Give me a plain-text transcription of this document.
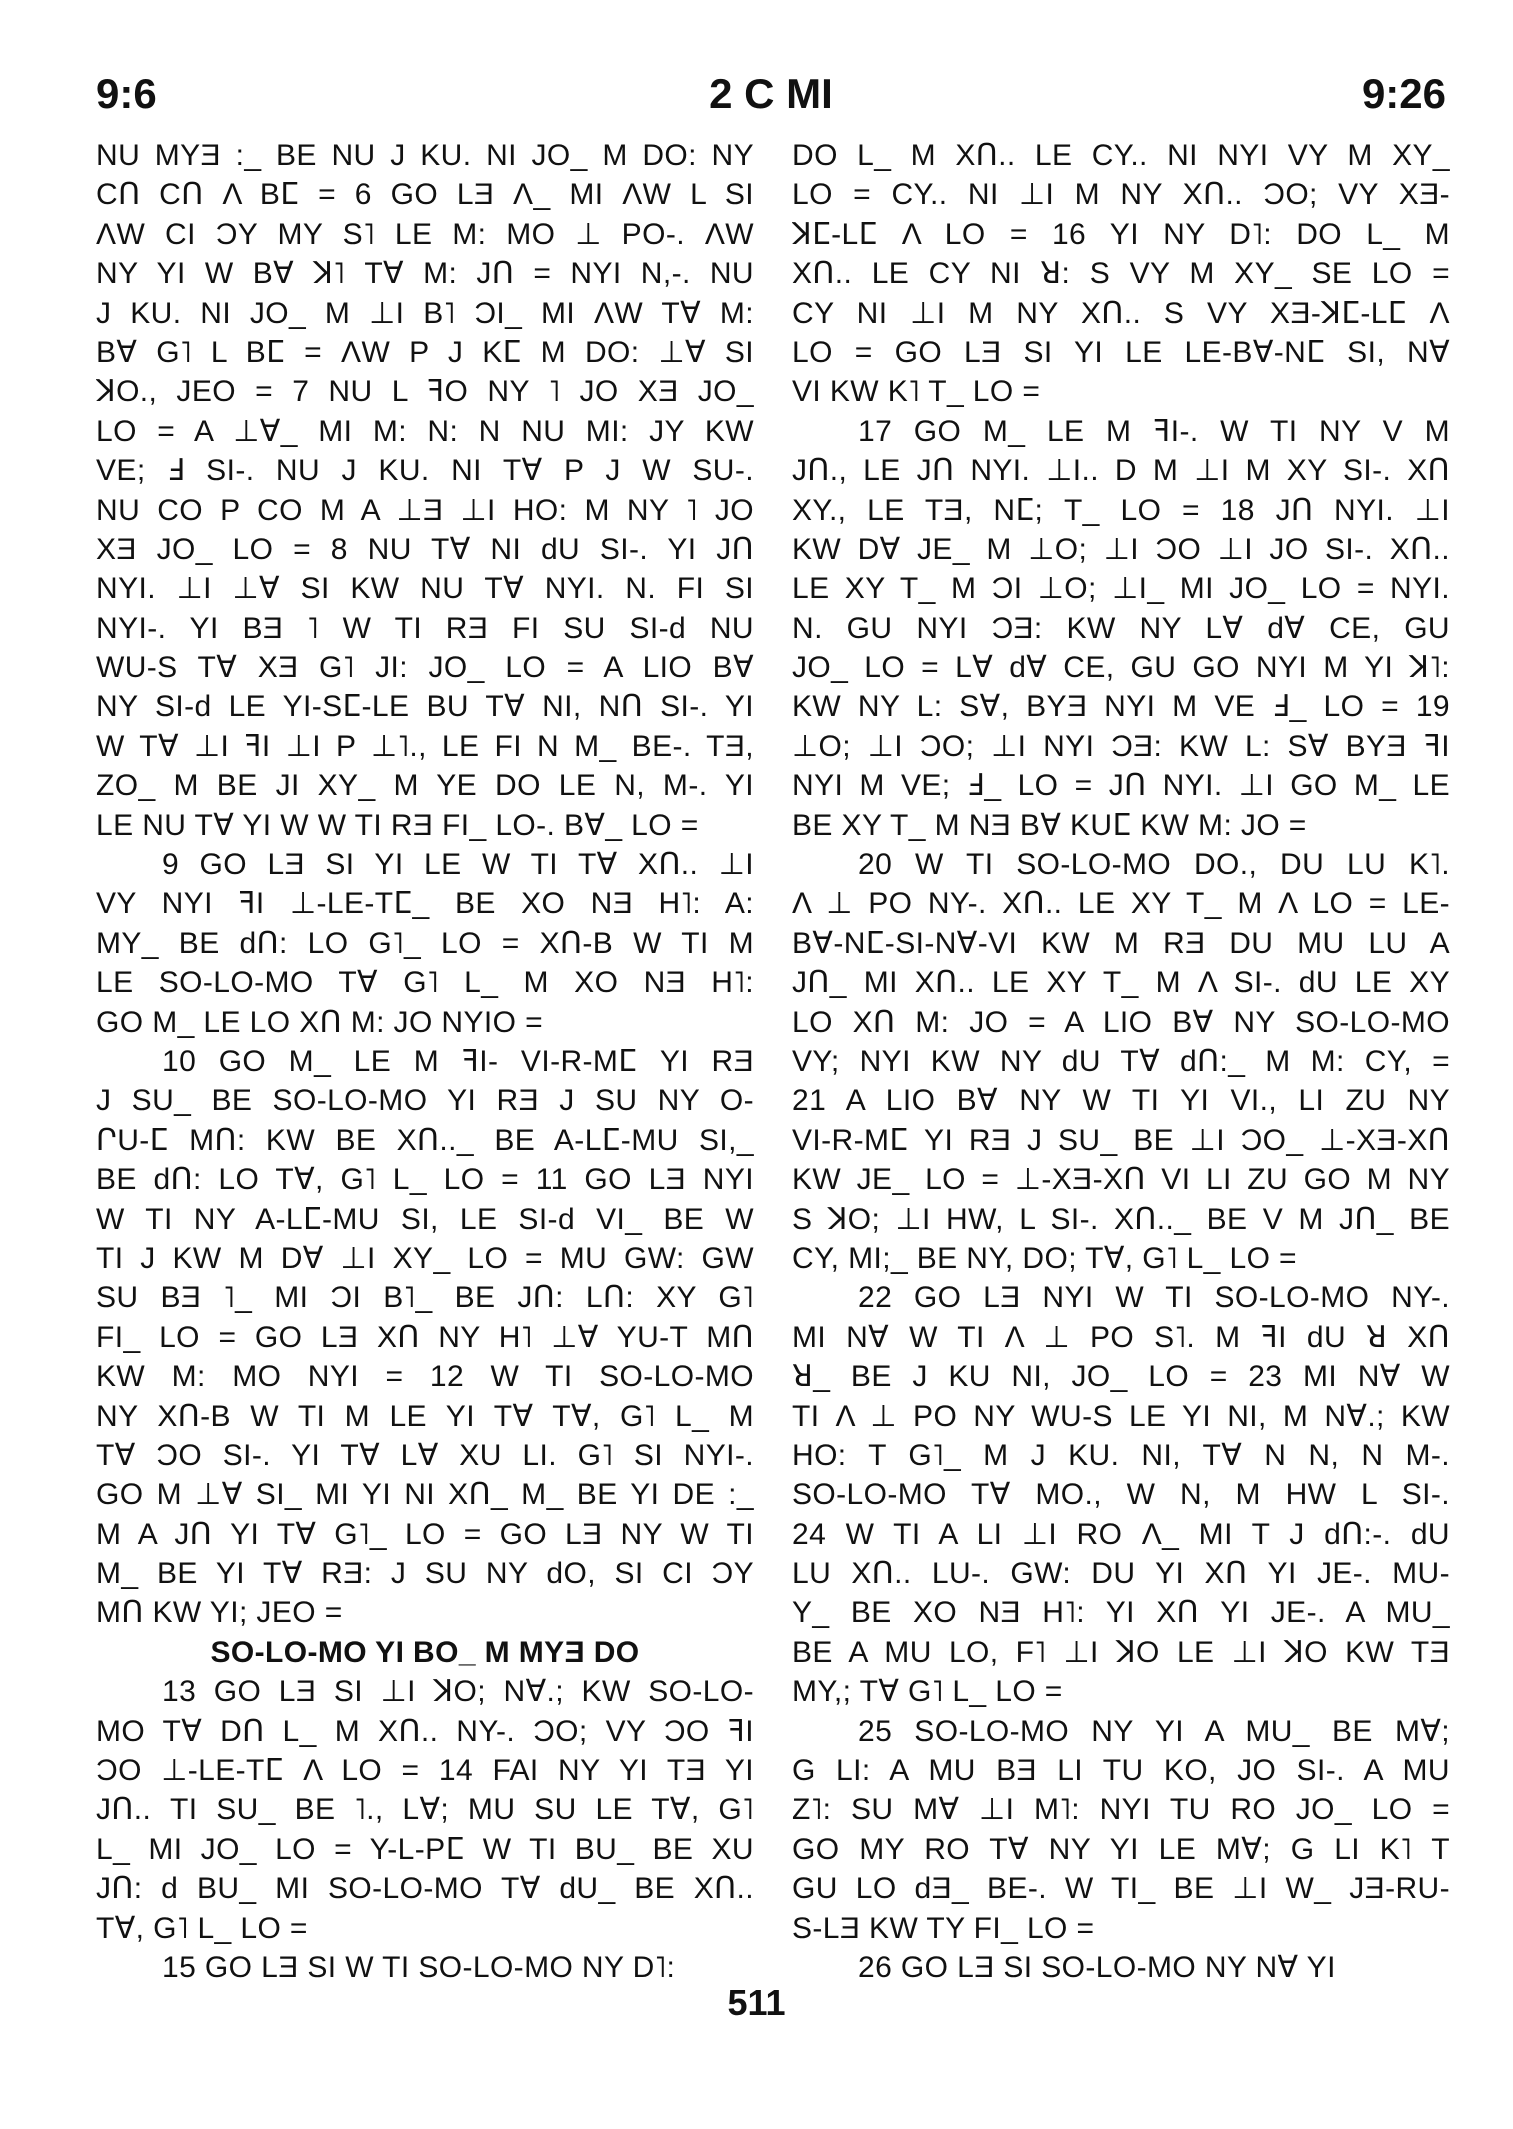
9:6	2 C MI	9:26
NU MYƎ :_ BE NU J KU. NI JO_ M DO: NY
CՈ CՈ Λ Bⵎ = 6 GO LƎ Λ_ MI ΛW L SI
ΛW CI ƆY MY S˥ LE M: MO ⊥ PO-. ΛW
NY YI W BⱯ ꓘ˥ TⱯ M: JՈ = NYI N,-. NU
J KU. NI JO_ M ⊥I B˥ ƆI_ MI ΛW TⱯ M:
BⱯ G˥ L Bⵎ = ΛW P J Kⵎ M DO: ⊥Ɐ SI
ꓘO., JEO = 7 NU L ꟻO NY ˥ JO XƎ JO_
LO = A ⊥Ɐ_ MI M: N: N NU MI: JY KW
VE; Ⅎ SI-. NU J KU. NI TⱯ P J W SU-.
NU CO P CO M A ⊥Ǝ ⊥I HO: M NY ˥ JO
XƎ JO_ LO = 8 NU TⱯ NI dU SI-. YI JՈ
NYI. ⊥I ⊥Ɐ SI KW NU TⱯ NYI. N. FI SI
NYI-. YI BƎ ˥ W TI RƎ FI SU SI-d NU
WU-S TⱯ XƎ G˥ JI: JO_ LO = A LIO BⱯ
NY SI-d LE YI-Sⵎ-LE BU TⱯ NI, NՈ SI-. YI
W TⱯ ⊥I ꟻI ⊥I P ⊥˥., LE FI N M_ BE-. TƎ,
ZO_ M BE JI XY_ M YE DO LE N, M-. YI
LE NU TⱯ YI W W TI RƎ FI_ LO-. BⱯ_ LO =
9 GO LƎ SI YI LE W TI TⱯ XՈ.. ⊥I
VY NYI ꟻI ⊥-LE-Tⵎ_ BE XO NƎ H˥: A:
MY_ BE dՈ: LO G˥_ LO = XՈ-B W TI M
LE SO-LO-MO TⱯ G˥ L_ M XO NƎ H˥:
GO M_ LE LO XՈ M: JO NYIO =
10 GO M_ LE M ꟻI- VI-R-Mⵎ YI RƎ
J SU_ BE SO-LO-MO YI RƎ J SU NY O-
ՐU-ⵎ MՈ: KW BE XՈ.._ BE A-Lⵎ-MU SI,_
BE dՈ: LO TⱯ, G˥ L_ LO = 11 GO LƎ NYI
W TI NY A-Lⵎ-MU SI, LE SI-d VI_ BE W
TI J KW M DⱯ ⊥I XY_ LO = MU GW: GW
SU BƎ ˥_ MI ƆI B˥_ BE JՈ: LՈ: XY G˥
FI_ LO = GO LƎ XՈ NY H˥ ⊥Ɐ YU-T MՈ
KW M: MO NYI = 12 W TI SO-LO-MO
NY XՈ-B W TI M LE YI TⱯ TⱯ, G˥ L_ M
TⱯ ƆO SI-. YI TⱯ LⱯ XU LI. G˥ SI NYI-.
GO M ⊥Ɐ SI_ MI YI NI XՈ_ M_ BE YI DE :_
M A JՈ YI TⱯ G˥_ LO = GO LƎ NY W TI
M_ BE YI TⱯ RƎ: J SU NY dO, SI CI ƆY
MՈ KW YI; JEO =
SO-LO-MO YI BO_ M MYƎ DO
13 GO LƎ SI ⊥I ꓘO; NⱯ.; KW SO-LO-
MO TⱯ DՈ L_ M XՈ.. NY-. ƆO; VY ƆO ꟻI
ƆO ⊥-LE-Tⵎ Λ LO = 14 FAI NY YI TƎ YI
JՈ.. TI SU_ BE ˥., LⱯ; MU SU LE TⱯ, G˥
L_ MI JO_ LO = Y-L-Pⵎ W TI BU_ BE XU
JՈ: d BU_ MI SO-LO-MO TⱯ dU_ BE XՈ..
TⱯ, G˥ L_ LO =
15 GO LƎ SI W TI SO-LO-MO NY D˥:
DO L_ M XՈ.. LE CY.. NI NYI VY M XY_
LO = CY.. NI ⊥I M NY XՈ.. ƆO; VY XƎ-
ꓘⵎ-Lⵎ Λ LO = 16 YI NY D˥: DO L_ M
XՈ.. LE CY NI ꓤ: S VY M XY_ SE LO =
CY NI ⊥I M NY XՈ.. S VY XƎ-ꓘⵎ-Lⵎ Λ
LO = GO LƎ SI YI LE LE-BⱯ-Nⵎ SI, NⱯ
VI KW K˥ T_ LO =
17 GO M_ LE M ꟻI-. W TI NY V M
JՈ., LE JՈ NYI. ⊥I.. D M ⊥I M XY SI-. XՈ
XY., LE TƎ, Nⵎ; T_ LO = 18 JՈ NYI. ⊥I
KW DⱯ JE_ M ⊥O; ⊥I ƆO ⊥I JO SI-. XՈ..
LE XY T_ M ƆI ⊥O; ⊥I_ MI JO_ LO = NYI.
N. GU NYI ƆƎ: KW NY LⱯ dⱯ CE, GU
JO_ LO = LⱯ dⱯ CE, GU GO NYI M YI ꓘ˥:
KW NY L: SⱯ, BYƎ NYI M VE Ⅎ_ LO = 19
⊥O; ⊥I ƆO; ⊥I NYI ƆƎ: KW L: SⱯ BYƎ ꟻI
NYI M VE; Ⅎ_ LO = JՈ NYI. ⊥I GO M_ LE
BE XY T_ M NƎ BⱯ KUⵎ KW M: JO =
20 W TI SO-LO-MO DO., DU LU K˥.
Λ ⊥ PO NY-. XՈ.. LE XY T_ M Λ LO = LE-
BⱯ-Nⵎ-SI-NⱯ-VI KW M RƎ DU MU LU A
JՈ_ MI XՈ.. LE XY T_ M Λ SI-. dU LE XY
LO XՈ M: JO = A LIO BⱯ NY SO-LO-MO
VY; NYI KW NY dU TⱯ dՈ:_ M M: CY, =
21 A LIO BⱯ NY W TI YI VI., LI ZU NY
VI-R-Mⵎ YI RƎ J SU_ BE ⊥I ƆO_ ⊥-XƎ-XՈ
KW JE_ LO = ⊥-XƎ-XՈ VI LI ZU GO M NY
S ꓘO; ⊥I HW, L SI-. XՈ.._ BE V M JՈ_ BE
CY, MI;_ BE NY, DO; TⱯ, G˥ L_ LO =
22 GO LƎ NYI W TI SO-LO-MO NY-.
MI NⱯ W TI Λ ⊥ PO S˥. M ꟻI dU ꓤ XՈ
ꓤ_ BE J KU NI, JO_ LO = 23 MI NⱯ W
TI Λ ⊥ PO NY WU-S LE YI NI, M NⱯ.; KW
HO: T G˥_ M J KU. NI, TⱯ N N, N M-.
SO-LO-MO TⱯ MO., W N, M HW L SI-.
24 W TI A LI ⊥I RO Λ_ MI T J dՈ:-. dU
LU XՈ.. LU-. GW: DU YI XՈ YI JE-. MU-
Y_ BE XO NƎ H˥: YI XՈ YI JE-. A MU_
BE A MU LO, F˥ ⊥I ꓘO LE ⊥I ꓘO KW TƎ
MY,; TⱯ G˥ L_ LO =
25 SO-LO-MO NY YI A MU_ BE MⱯ;
G LI: A MU BƎ LI TU KO, JO SI-. A MU
Z˥: SU MⱯ ⊥I M˥: NYI TU RO JO_ LO =
GO MY RO TⱯ NY YI LE MⱯ; G LI K˥ T
GU LO dƎ_ BE-. W TI_ BE ⊥I W_ JƎ-RU-
S-LƎ KW TY FI_ LO =
26 GO LƎ SI SO-LO-MO NY NⱯ YI
511
